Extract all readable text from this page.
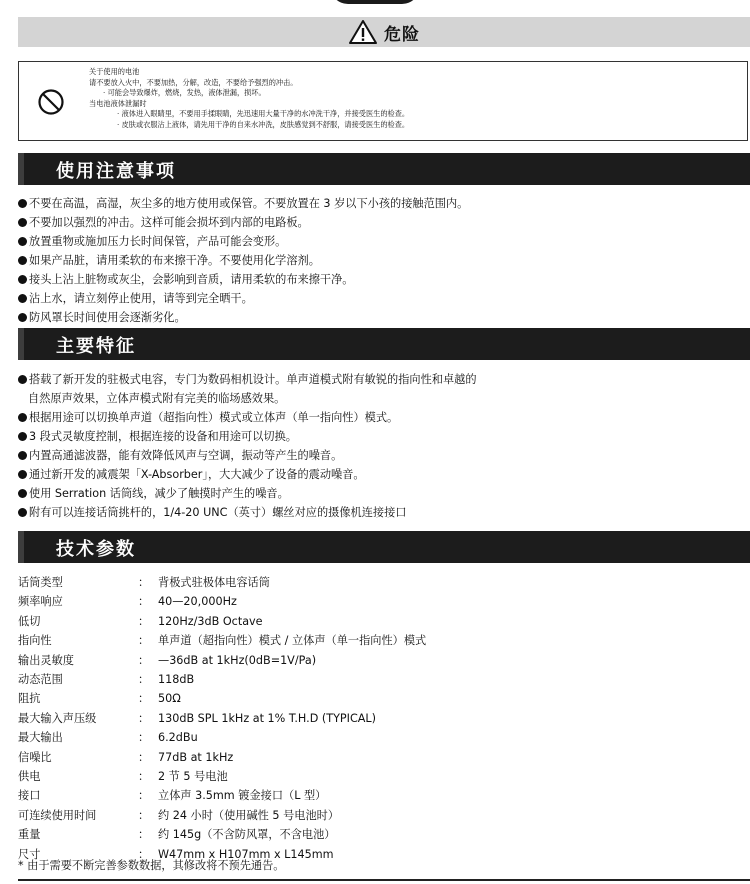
危险
关于使用的电池
请不要放入火中，不要加热，分解，改造，不要给予强烈的冲击。
· 可能会导致爆炸，燃烧，发热，液体泄漏，损坏。
当电池液体泄漏时
· 液体进入眼睛里，不要用手揉眼睛，先迅速用大量干净的水冲洗干净，并接受医生的检查。
· 皮肤或衣服沾上液体，请先用干净的自来水冲洗，皮肤感觉到不舒服，请接受医生的检查。
使用注意事项
不要在高温，高湿，灰尘多的地方使用或保管。不要放置在 3 岁以下小孩的接触范围内。
不要加以强烈的冲击。这样可能会损坏到内部的电路板。
放置重物或施加压力长时间保管，产品可能会变形。
如果产品脏，请用柔软的布来擦干净。不要使用化学溶剂。
接头上沾上脏物或灰尘，会影响到音质，请用柔软的布来擦干净。
沾上水，请立刻停止使用，请等到完全晒干。
防风罩长时间使用会逐渐劣化。
主要特征
搭载了新开发的驻极式电容，专门为数码相机设计。单声道模式附有敏锐的指向性和卓越的
自然原声效果，立体声模式附有完美的临场感效果。
根据用途可以切换单声道（超指向性）模式或立体声（单一指向性）模式。
3 段式灵敏度控制，根据连接的设备和用途可以切换。
内置高通滤波器，能有效降低风声与空调，振动等产生的噪音。
通过新开发的减震架「X-Absorber」，大大减少了设备的震动噪音。
使用 Serration 话筒线，减少了触摸时产生的噪音。
附有可以连接话筒挑杆的，1/4-20 UNC（英寸）螺丝对应的摄像机连接接口
技术参数
话筒类型	： 背极式驻极体电容话筒
频率响应	： 40—20,000Hz
低切	： 120Hz/3dB Octave
指向性	： 单声道（超指向性）模式 / 立体声（单一指向性）模式
输出灵敏度	： —36dB at 1kHz(0dB=1V/Pa)
动态范围	： 118dB
阻抗	： 50Ω
最大输入声压级	： 130dB SPL 1kHz at 1% T.H.D (TYPICAL)
最大输出	： 6.2dBu
信噪比	： 77dB at 1kHz
供电	： 2 节 5 号电池
接口	： 立体声 3.5mm 镀金接口（L 型）
可连续使用时间	： 约 24 小时（使用碱性 5 号电池时）
重量	： 约 145g（不含防风罩，不含电池）
尺寸	： W47mm x H107mm x L145mm
* 由于需要不断完善参数数据，其修改将不预先通告。
